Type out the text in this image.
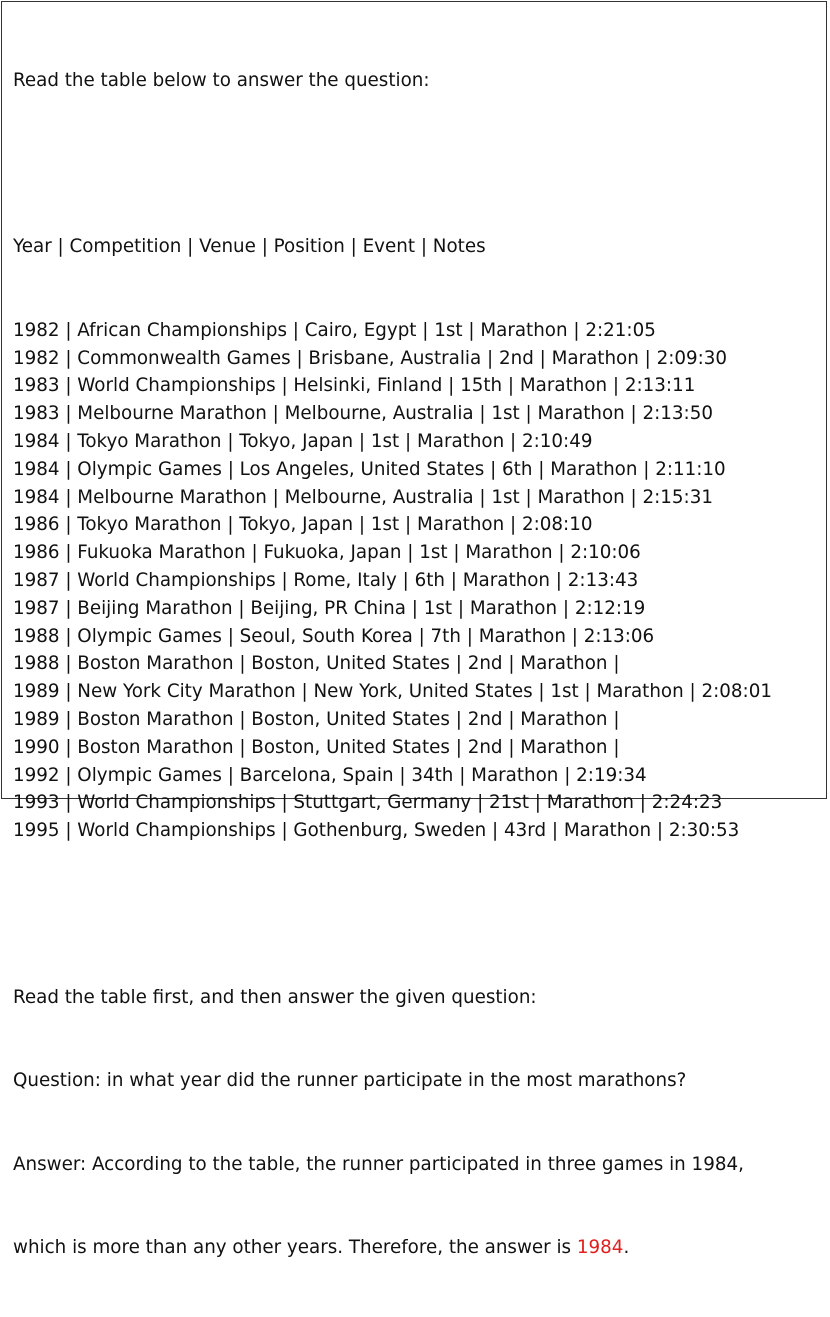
Read the table below to answer the question:

Year | Competition | Venue | Position | Event | Notes

1982 | African Championships | Cairo, Egypt | 1st | Marathon | 2:21:05
1982 | Commonwealth Games | Brisbane, Australia | 2nd | Marathon | 2:09:30
1983 | World Championships | Helsinki, Finland | 15th | Marathon | 2:13:11
1983 | Melbourne Marathon | Melbourne, Australia | 1st | Marathon | 2:13:50
1984 | Tokyo Marathon | Tokyo, Japan | 1st | Marathon | 2:10:49
1984 | Olympic Games | Los Angeles, United States | 6th | Marathon | 2:11:10
1984 | Melbourne Marathon | Melbourne, Australia | 1st | Marathon | 2:15:31
1986 | Tokyo Marathon | Tokyo, Japan | 1st | Marathon | 2:08:10
1986 | Fukuoka Marathon | Fukuoka, Japan | 1st | Marathon | 2:10:06
1987 | World Championships | Rome, Italy | 6th | Marathon | 2:13:43
1987 | Beijing Marathon | Beijing, PR China | 1st | Marathon | 2:12:19
1988 | Olympic Games | Seoul, South Korea | 7th | Marathon | 2:13:06
1988 | Boston Marathon | Boston, United States | 2nd | Marathon |
1989 | New York City Marathon | New York, United States | 1st | Marathon | 2:08:01
1989 | Boston Marathon | Boston, United States | 2nd | Marathon |
1990 | Boston Marathon | Boston, United States | 2nd | Marathon |
1992 | Olympic Games | Barcelona, Spain | 34th | Marathon | 2:19:34
1993 | World Championships | Stuttgart, Germany | 21st | Marathon | 2:24:23
1995 | World Championships | Gothenburg, Sweden | 43rd | Marathon | 2:30:53

Read the table first, and then answer the given question:

Question: in what year did the runner participate in the most marathons?

Answer: According to the table, the runner participated in three games in 1984,

which is more than any other years. Therefore, the answer is 1984.
